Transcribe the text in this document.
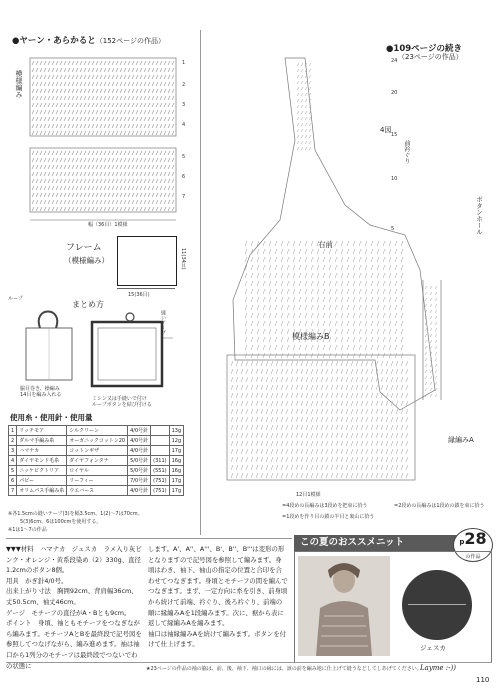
●ヤーン・あらかると（152ページの作品）
模様編み
1
2
3
4
5
6
7
幅（36目）1模様
フレーム
（模様編み）	11(34目)
15(36目)
まとめ方
ループ
縫いテープ
脇目巻き、操編み
14目を編み入れる
ミシン又は手縫いで付け
ループボタンを結び付ける
使用糸・使用針・使用量
1	リッチモア	シルクリーン	4/0号針		13g
2	ダルマ手編み糸	オーガニックコットン20	4/0号針		12g
3	ハマナカ	コットンギザ	4/0号針		17g
4	ダイヤモンド毛糸	ダイヤフォンタナ	5/0号針	(311)	16g
5	ニッケビクトリア	ロイヤル	5/0号針	(551)	16g
6	パピー	リーフィー	7/0号針	(751)	17g
7	オリムパス手編み糸	ウエバース	4/0号針	(751)	17g
※各1.5cmの縫いテープ(3)を幅3.5cm、1(2)～7は70cm。
5(3)6cm、6は100cmを使用する。
※1は1～7の作品
●109ページの続き
（23ページの作品）
24
20
15
10
5
4図
前衿ぐり
右前
ボタンホール
模様編みB
縁編みA
12目1模様
=4段めの長編みは3段めを把束に拾う	=2段めの長編みは1段めの鎖を束に拾う
=1段めを作り目の鎖の半目と裏山に拾う
▼▼▼材料　ハマナカ　ジェスカ　ラメ入り灰ピンク・オレンジ・黄系段染め（2）330g、直径1.2cmのボタン8個。
用具　かぎ針4/0号。
出来上がり寸法　胸囲92cm、背肩幅36cm、丈50.5cm、袖丈46cm。
ゲージ　モチーフの直径がA・Bとも9cm。
ポイント　身頃、袖ともモチーフをつなぎながら編みます。モチーフAとBを最終段で記号図を参照してつなげながら、編み進めます。袖は袖口から1列分のモチーフは最終段でつないでわの状態に
します。A'、A''、A'''、B'、B''、B'''は変形の形となりますので記号図を参照して編みます。身頃はわき、袖下、袖山の指定の位置と合印を合わせてつなぎます。身頃とモチーフの間を編んでつなぎます。まず、一定方向に糸を引き、前身頃から続けて前端、衿ぐり、後ろ衿ぐり、前端の順に縁編みAを1段編みます。次に、裾から表に返して縁編みAを編みます。
袖口は袖縁編みAを続けて編みます。ボタンを付けて仕上げます。
この夏のおススメニット	p28
$^{の作品}$
ジェスカ
★23ページの作品の袖の脇は、前、後、袖下、袖口の縁には、該の前を編み地に仕上げて縫うなどしてしあげてください。
Layme :-))
110
